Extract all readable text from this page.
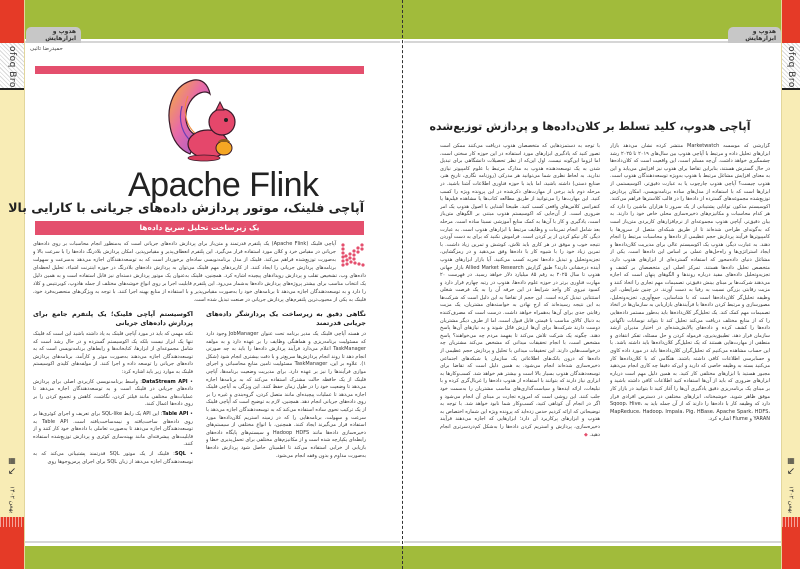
ofoq Bro
▦
↙
بهمن ۱۴۰۲
ofoq Bro
▦
↙
بهمن ۱۴۰۲
هدوپ و ابزارهایش
هدوپ و ابزارهایش
حمیدرضا تائبی
Apache Flink
آپاچی فلینک، موتور پردازش داده‌های جریانی با کارایی بالا
یک زیرساخت تحلیل سریع داده‌ها
آپاچی فلینک (Apache Flink) یک پلتفرم قدرتمند و متن‌باز برای پردازش داده‌های جریانی است که به‌منظور انجام محاسبات بر روی داده‌های جریانی در مقیاس خرد و کلان مورد استفاده قرار می‌گیرد. این پلتفرم انعطاف‌پذیر و مقیاس‌پذیر، امکان پردازش بلادرنگ داده‌ها را با سرعت بالا و به‌صورت توزیع‌شده فراهم می‌کند. فلینک از مدل برنامه‌نویسی ساده‌ای برخوردار است که به توسعه‌دهندگان اجازه می‌دهد به‌سرعت و سهولت برنامه‌های پردازش جریانی را ایجاد کنند. از کاربردهای مهم فلینک می‌توان به پردازش داده‌های بلادرنگ در حوزه اینترنت اشیاء، تحلیل لحظه‌ای داده‌های وب، تشخیص تقلب و پردازش رویدادهای پیچیده اشاره کرد. همچنین، فلینک به‌عنوان یک موتور پردازش دسته‌ای نیز قابل استفاده است و به همین دلیل یک انتخاب مناسب برای بیشتر پروژه‌های پردازش داده‌ها به‌شمار می‌رود. این پلتفرم قابلیت اجرا بر روی انواع خوشه‌های مختلف از جمله هادوپ، کوبرنتیس و کلاد را دارد و به توسعه‌دهندگان اجازه می‌دهد تا برنامه‌های خود را به‌صورت مقیاس‌پذیر و با استفاده از منابع بهینه اجرا کنند. با توجه به ویژگی‌های منحصربه‌فرد خود، فلینک به یکی از محبوب‌ترین پلتفرم‌های پردازش جریانی در صنعت تبدیل شده است.
نگاهی دقیق به زیرساخت یک پردازشگر داده‌های جریانی قدرتمند

در هسته آپاچی فلینک یک مدیر برنامه تحت عنوان JobManager وجود دارد که مسئولیت برنامه‌ریزی و هماهنگی وظایف را بر عهده دارد و به مولفه TaskManager اعلام می‌دارد فرآیند پردازش داده‌ها را باید به چه صورتی انجام دهد تا روند انجام پردازش‌ها سریع‌تر و با دقت بیشتری انجام شود (شکل ۱). علاوه بر این، TaskManager مسئولیت تامین منابع محاسباتی و اجرای موازی فرآیندها را نیز بر عهده دارد. برای مدیریت وضعیت برنامه‌ها، آپاچی فلینک از یک حافظه حالت مشترک استفاده می‌کند که به برنامه‌ها اجازه می‌دهد تا وضعیت خود را در طول زمان حفظ کنند. این ویژگی به آپاچی فلینک اجازه می‌دهد تا عملیات پیچیده‌ای مانند متصل کردن، گروه‌بندی و غیره را بر روی داده‌های جریانی انجام دهد. همچنین، لازم به توضیح است که آپاچی فلینک از یک ترکیب نحوی ساده استفاده می‌کند که به توسعه‌دهندگان اجازه می‌دهد با سرعت و سهولت، برنامه‌هایی را که در زمینه استریم کلان‌داده‌ها مورد استفاده قرار می‌گیرند ایجاد کنند. همچنین، با انواع مختلفی از سیستم‌های ذخیره‌سازی داده‌ها مانند Hadoop HDFS و سیستم‌های پایگاه داده‌های رابطه‌ای یکپارچه شده است و از مکانیزم‌های مختلفی برای تحمل‌پذیری خطا و بازیابی از خرابی استفاده می‌کند تا اطمینان حاصل شود پردازش داده‌ها به‌صورت مداوم و بدون وقفه انجام می‌شود.

اکوسیستم آپاچی فلینک؛ یک پلتفرم جامع برای پردازش داده‌های جریانی

نکته مهمی که باید در مورد آپاچی فلینک به یاد داشته باشید این است که فلینک تنها یک ابزار نیست بلکه یک اکوسیستم گسترده و در حال رشد است که شامل مجموعه‌ای از ابزارها، کتابخانه‌ها و رابط‌های برنامه‌نویسی است که به توسعه‌دهندگان اجازه می‌دهند به‌صورت موثر و کارآمد، برنامه‌های پردازش داده‌های جریانی را توسعه داده و اجرا کنند. از مولفه‌های کلیدی اکوسیستم فلینک به موارد زیر باید اشاره کرد:

• DataStream API: واسط برنامه‌نویسی کاربردی اصلی برای پردازش داده‌های جریانی در فلینک است و به توسعه‌دهندگان اجازه می‌دهد تا عملیات‌های مختلفی مانند فیلتر کردن، نگاشت، کاهش و تجمیع کردن را بر روی داده‌ها اعمال کنند.

• Table API: این API یک رابط SQL-like برای تعریف و اجرای کوئری‌ها بر روی داده‌های ساخت‌یافته و نیمه‌ساخت‌یافته است. Table API به توسعه‌دهندگان اجازه می‌دهد تا به‌صورت تعاملی با داده‌های خود کار کنند و از قابلیت‌های پیشرفته‌ای مانند بهینه‌سازی کوئری و پردازش توزیع‌شده استفاده کنند.

• SQL: فلینک از یک موتور SQL قدرتمند پشتیبانی می‌کند که به توسعه‌دهندگان اجازه می‌دهد از زبان SQL برای اجرای پرس‌وجوها روی

آپاچی هدوپ، کلید تسلط بر کلان‌داده‌ها و پردازش توزیع‌شده

گزارشی که موسسه Marketwatch منتشر کرده نشان می‌دهد بازار ابزارهای تحلیل داده و مرتبط با آپاچی هدوپ بین سال‌های ۲۰۱۹ تا ۲۰۲۵ رشد چشمگیری خواهد داشت. آن‌چه مسلم است، این واقعیت است که کلان‌داده‌ها در حال گسترش هستند، بنابراین تقاضا برای هدوپ نیز افزایش می‌یابد و این به معنای افزایش مشاغل مرتبط با هدوپ به‌ویژه توسعه‌دهندگان هدوپ است. هدوپ چیست؟ آپاچی هدوپ چارچوب یا به عبارت دقیق‌تر، اکوسیستمی از ابزارها است که با استفاده از مدل‌های ساده برنامه‌نویسی، امکان پردازش توزیع‌شده مجموعه‌های گسترده از داده‌ها را در قالب کلاسترها فراهم می‌کنند. اکوسیستم مذکور، توانایی پشتیبانی از یک سرور تا هزاران ماشین را دارد که هر کدام محاسبات و مکانیزم‌های ذخیره‌سازی محلی خاص خود را دارند. به بیان دقیق‌تر، آپاچی هدوپ مجموعه‌ای از نرم‌افزارهای کاربردی متن‌باز است که به‌گونه‌ای طراحی شده‌اند تا از طریق شبکه‌ای متصل از سرورها یا کامپیوترها فرآیند پردازش حجم عظیمی از داده‌ها و محاسبات مرتبط را انجام دهند. به عبارت دیگر، هدوپ یک اکوسیستم عالی برای مدیریت کلان‌داده‌ها و ایجاد استراتژی‌ها و راه‌حل‌های عملی بر اساس این داده‌ها است. یکی از مشاغل دنیای داده‌محور که استفاده گسترده‌ای از ابزارهای هدوپ دارد، متخصص تحلیل داده‌ها هستند. تمرکز اصلی این متخصصان بر کشف و تجزیه‌وتحلیل داده‌های مفید درباره روندها و الگوهای پنهان است که اجازه می‌دهند شرکت‌ها بر مبنای بینش دقیق‌تر، تصمیمات مهم تجاری را اتخاذ کنند و مزیت رقابتی بزرگی نسبت به رقبا به دست آورند. در چنین شرایطی، این وظیفه تحلیل‌گر کلان‌داده‌ها است که با شناسایی، جمع‌آوری، تجزیه‌وتحلیل، مصورسازی و مرتبط کردن داده‌ها با فرآیندهای بازاریابی به سازمان‌ها در اتخاذ تصمیمات مهم کمک کند. یک تحلیل‌گر کلان‌داده‌ها باید به‌طور مستمر داده‌هایی را که از منابع مختلف دریافت می‌کند تحلیل کند تا بتواند نوسانات ناگهانی داده‌ها را کشف کرده و داده‌های پالایش‌شده‌ای در اختیار مدیران ارشد سازمان قرار دهد. تطبیق‌پذیری، فرموله کردن و حل مسئله، تفکر انتقادی و منطقی از مهارت‌هایی هستند که یک تحلیل‌گر کلان‌داده‌ها باید داشته باشد. با این حساب مشاهده می‌کنیم که تحلیل‌گران کلان‌داده‌ها باید در مورد داده کاوی و حسابرسی اطلاعات کافی داشته باشند. هنگامی که با کلان‌داده‌ها کار می‌کنید بسته به وظیفه خاصی که دارید و این‌که دقیقا چه کاری انجام می‌دهید مجبور هستید با ابزارهای مختلفی کار کنید. به همین دلیل مهم است درباره ابزارهای ضروری که باید از آن‌ها استفاده کنید اطلاعات کافی داشته باشید و بر مبنای یک برنامه‌ریزی دقیق یادگیری آن‌ها را آغاز کنید تا بتوانید در بازار کار موفق ظاهر شوید. خوشبختانه، ابزارهای مختلفی در دسترس افرادی قرار دارد که وظیفه کار با داده‌ها را دارند که از آن جمله باید به Sqoop، Hive، MapReduce، Hadoop، Impala، Pig، HBase، Apache Spark، HDFS، YARAN و Flume اشاره کرد.

با توجه به دستمزدهایی که متخصصان هدوپ دریافت می‌کنند ممکن است تصور کنید که یادگیری ابزارهای مورد استفاده در این حوزه کار سختی است، اما لزوما این‌گونه نیست. اول این‌که از نظر تحصیلات دانشگاهی برای تبدیل شدن به یک توسعه‌دهنده هدوپ به مدارک مرتبط با علوم کامپیوتر نیازی ندارید. به لحاظ نظری شما می‌توانید هر مدرکی (روزنامه نگاری، تاریخ هنر، صنایع دستی) داشته باشید، اما باید با حوزه فناوری اطلاعات آشنا باشید. در مرحله دوم باید برخی از مهارت‌های ذکرشده در این پرونده ویژه را کسب کنید. این مهارت‌ها را می‌توانید از طریق مطالعه کتاب‌ها یا مشاهده فیلم‌ها یا کنفرانس کلاس‌های واقعی کسب کنید. طبیعتا آشنایی با اصول هدوپ یک امر ضروری است. از آن‌جایی که اکوسیستم هدوپ مبتنی بر الگوهای متن‌باز است، یادگیری و کار با آن‌ها به کمک منابع آموزشی نسبتا ساده است. مرحله بعد شامل انجام تمرینات و وظایف مرتبط با ابزارهای هدوپ است. به عبارت دیگر، کار نیکو کردن از پر کردن است. فراموش نکنید که برای به دست آوردن نتیجه خوب و موفق در هر کاری باید تلاش، کوشش و تمرین زیاد داشت. با تمرین زیاد خود را با شیوه کار با داده‌ها وفق می‌دهید و در رمزگشایی، تجزیه‌وتحلیل و تبدیل داده‌ها تجربه کسب می‌کنید. آیا بازار ابزارهای هدوپ آینده درخشانی دارند؟ طبق گزارش Allied Market Research بازار جهانی هدوپ تا سال ۲۰۲۵ به رقم ۸۵ میلیارد دلار خواهد رسید. در فهرست ۲۰ مهارت فناوری برتر در حوزه علوم داده‌ها، هدوپ در رتبه چهارم قرار دارد و کمبود نیروی کار واجد شرایط در این حرفه آن را به یک فرصت شغلی استثنایی تبدیل کرده است. این حجم از تقاضا به این دلیل است که شرکت‌ها به این نتیجه رسیده‌اند که ارج نهادن به خواسته‌های مشتریان، یک مزیت رقابتی جدی برای آن‌ها به‌همراه خواهد داشت. درست است که مصرف‌کننده به دنبال کالای مناسب با قیمتی قابل قبول است، اما از طرف دیگر مشتریان دوست دارند شرکت‌ها برای آن‌ها ارزش قائل شوند و به نیازهای آن‌ها پاسخ دهند. چگونه یک شرکت تلاش می‌کند تا بفهمد مردم چه می‌خواهند؟ پاسخ مشخص است، با انجام تحقیقات میدانی که مشخص می‌کند مشتریان چه درخواست‌هایی دارند. این تحقیقات میدانی با تحلیل و پردازش حجم عظیمی از داده‌ها که درون بانک‌های اطلاعاتی یک سازمان یا شبکه‌های اجتماعی ذخیره‌سازی شده‌اند انجام می‌شود. به همین دلیل است که تقاضا برای توسعه‌دهندگان هدوپ بسیار بالا است و بیشتر هم خواهد شد. کسب‌وکارها به ابزاری نیاز دارند که بتوانند با استفاده از هدوپ داده‌ها را غربال‌گری کرده و با تبلیغات، ارائه ایده‌ها و سیاست‌گذاری‌های مناسب مشتریان را به‌سمت خود جلب کنند. این روشی است که امروزه تجارت بر مبنای آن انجام می‌شود و اگر در انجام آن کوتاهی کنید، کسب‌وکار شما نابود خواهد شد. با توجه به توضیحاتی که ارائه کردیم حدس زده‌اید که پرونده ویژه این شماره اختصاص به هدوپ و ابزارهای پرکاربرد آن دارد؛ ابزارهایی که اجازه می‌دهند فرآیند ذخیره‌سازی، پردازش و استریم کردن داده‌ها را به‌شکل کم‌دردسرتری انجام دهید. ◆
